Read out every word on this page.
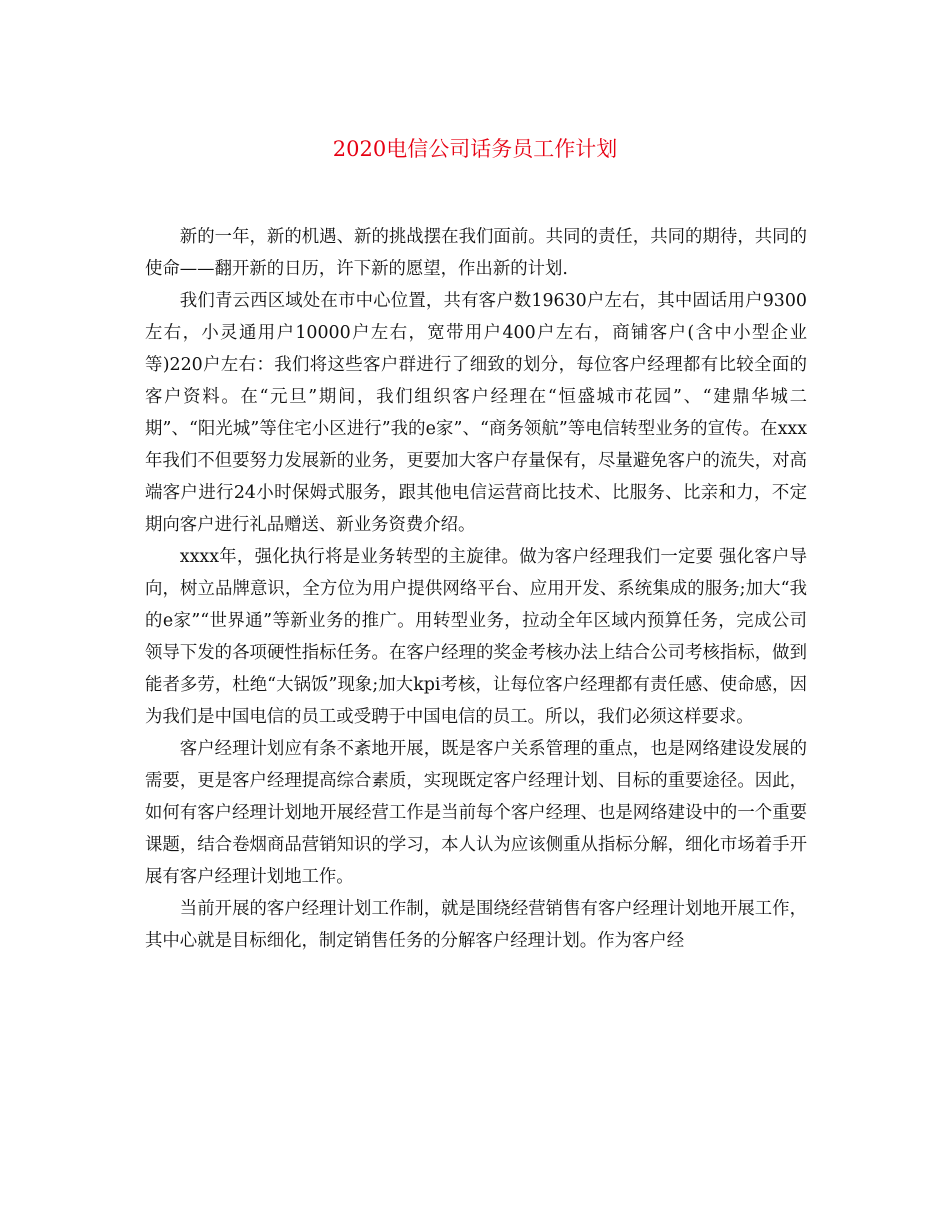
2020电信公司话务员工作计划

新的一年，新的机遇、新的挑战摆在我们面前。共同的责任，共同的期待，共同的使命——翻开新的日历，许下新的愿望，作出新的计划.

我们青云西区域处在市中心位置，共有客户数19630户左右，其中固话用户9300左右，小灵通用户10000户左右，宽带用户400户左右，商铺客户(含中小型企业等)220户左右：我们将这些客户群进行了细致的划分，每位客户经理都有比较全面的客户资料。在“元旦”期间，我们组织客户经理在“恒盛城市花园”、“建鼎华城二期”、“阳光城”等住宅小区进行”我的e家”、“商务领航”等电信转型业务的宣传。在xxx年我们不但要努力发展新的业务，更要加大客户存量保有，尽量避免客户的流失，对高端客户进行24小时保姆式服务，跟其他电信运营商比技术、比服务、比亲和力，不定期向客户进行礼品赠送、新业务资费介绍。

xxxx年，强化执行将是业务转型的主旋律。做为客户经理我们一定要 强化客户导向，树立品牌意识，全方位为用户提供网络平台、应用开发、系统集成的服务;加大“我的e家”“世界通”等新业务的推广。用转型业务，拉动全年区域内预算任务，完成公司领导下发的各项硬性指标任务。在客户经理的奖金考核办法上结合公司考核指标，做到能者多劳，杜绝“大锅饭”现象;加大kpi考核，让每位客户经理都有责任感、使命感，因为我们是中国电信的员工或受聘于中国电信的员工。所以，我们必须这样要求。

客户经理计划应有条不紊地开展，既是客户关系管理的重点，也是网络建设发展的需要，更是客户经理提高综合素质，实现既定客户经理计划、目标的重要途径。因此，如何有客户经理计划地开展经营工作是当前每个客户经理、也是网络建设中的一个重要课题，结合卷烟商品营销知识的学习，本人认为应该侧重从指标分解，细化市场着手开展有客户经理计划地工作。

当前开展的客户经理计划工作制，就是围绕经营销售有客户经理计划地开展工作，其中心就是目标细化，制定销售任务的分解客户经理计划。作为客户经
